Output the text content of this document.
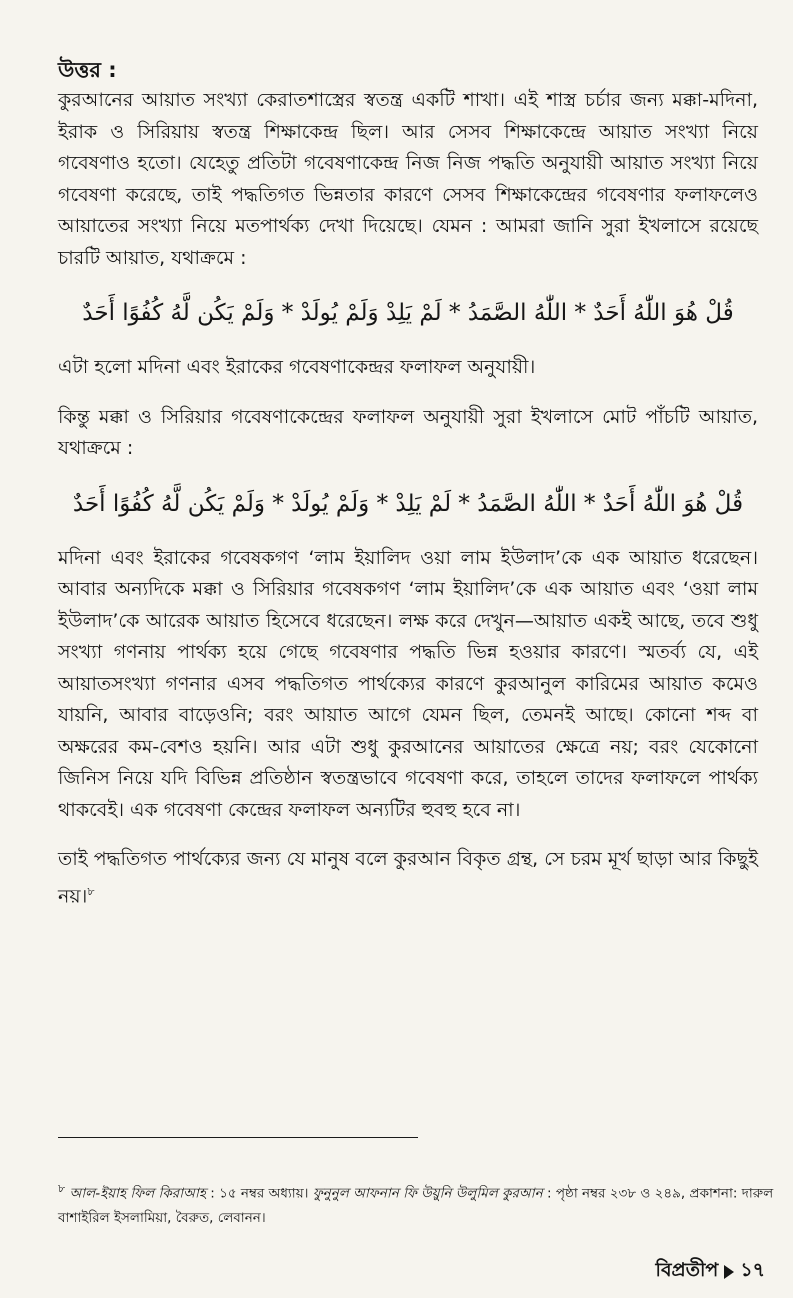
উত্তর :

কুরআনের আয়াত সংখ্যা কেরাতশাস্ত্রের স্বতন্ত্র একটি শাখা। এই শাস্ত্র চর্চার জন্য মক্কা-মদিনা, ইরাক ও সিরিয়ায় স্বতন্ত্র শিক্ষাকেন্দ্র ছিল। আর সেসব শিক্ষাকেন্দ্রে আয়াত সংখ্যা নিয়ে গবেষণাও হতো। যেহেতু প্রতিটা গবেষণাকেন্দ্র নিজ নিজ পদ্ধতি অনুযায়ী আয়াত সংখ্যা নিয়ে গবেষণা করেছে, তাই পদ্ধতিগত ভিন্নতার কারণে সেসব শিক্ষাকেন্দ্রের গবেষণার ফলাফলেও আয়াতের সংখ্যা নিয়ে মতপার্থক্য দেখা দিয়েছে। যেমন : আমরা জানি সুরা ইখলাসে রয়েছে চারটি আয়াত, যথাক্রমে :

قُلْ هُوَ اللّٰهُ أَحَدٌ * اللّٰهُ الصَّمَدُ * لَمْ يَلِدْ وَلَمْ يُولَدْ * وَلَمْ يَكُن لَّهُ كُفُوًا أَحَدٌ

এটা হলো মদিনা এবং ইরাকের গবেষণাকেন্দ্রর ফলাফল অনুযায়ী।

কিন্তু মক্কা ও সিরিয়ার গবেষণাকেন্দ্রের ফলাফল অনুযায়ী সুরা ইখলাসে মোট পাঁচটি আয়াত, যথাক্রমে :

قُلْ هُوَ اللّٰهُ أَحَدٌ * اللّٰهُ الصَّمَدُ * لَمْ يَلِدْ * وَلَمْ يُولَدْ * وَلَمْ يَكُن لَّهُ كُفُوًا أَحَدٌ

মদিনা এবং ইরাকের গবেষকগণ ‘লাম ইয়ালিদ ওয়া লাম ইউলাদ’কে এক আয়াত ধরেছেন। আবার অন্যদিকে মক্কা ও সিরিয়ার গবেষকগণ ‘লাম ইয়ালিদ’কে এক আয়াত এবং ‘ওয়া লাম ইউলাদ’কে আরেক আয়াত হিসেবে ধরেছেন। লক্ষ করে দেখুন—আয়াত একই আছে, তবে শুধু সংখ্যা গণনায় পার্থক্য হয়ে গেছে গবেষণার পদ্ধতি ভিন্ন হওয়ার কারণে। স্মতর্ব্য যে, এই আয়াতসংখ্যা গণনার এসব পদ্ধতিগত পার্থক্যের কারণে কুরআনুল কারিমের আয়াত কমেও যায়নি, আবার বাড়েওনি; বরং আয়াত আগে যেমন ছিল, তেমনই আছে। কোনো শব্দ বা অক্ষরের কম-বেশও হয়নি। আর এটা শুধু কুরআনের আয়াতের ক্ষেত্রে নয়; বরং যেকোনো জিনিস নিয়ে যদি বিভিন্ন প্রতিষ্ঠান স্বতন্ত্রভাবে গবেষণা করে, তাহলে তাদের ফলাফলে পার্থক্য থাকবেই। এক গবেষণা কেন্দ্রের ফলাফল অন্যটির হুবহু হবে না।

তাই পদ্ধতিগত পার্থক্যের জন্য যে মানুষ বলে কুরআন বিকৃত গ্রন্থ, সে চরম মূর্খ ছাড়া আর কিছুই নয়।$^৮$

$^৮$ আল-ইয়াহ ফিল কিরাআহ : ১৫ নম্বর অধ্যায়। ফুনুনুল আফনান ফি উয়ুনি উলুমিল কুরআন : পৃষ্ঠা নম্বর ২৩৮ ও ২৪৯, প্রকাশনা: দারুল বাশাইরিল ইসলামিয়া, বৈরুত, লেবানন।

বিপ্রতীপ ১৭
